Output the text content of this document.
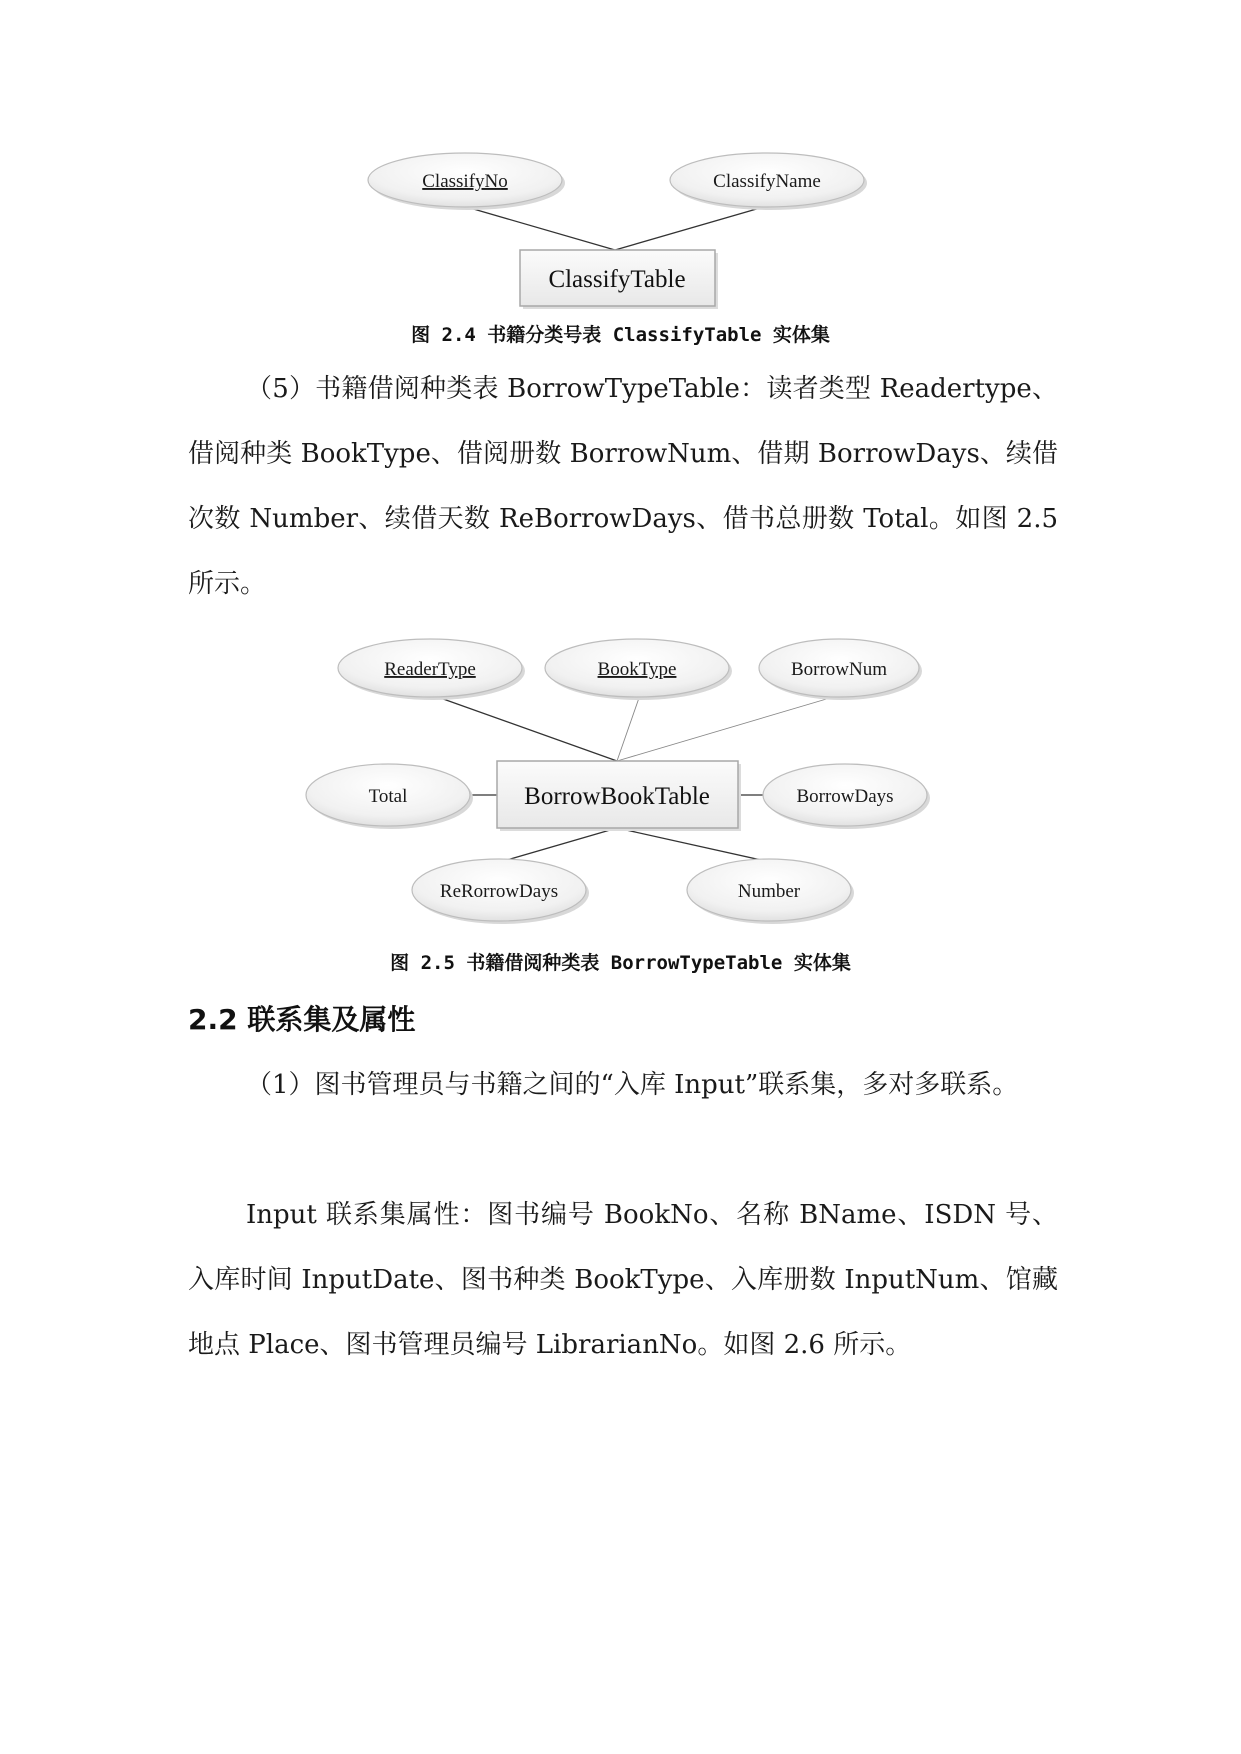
ClassifyNo	ClassifyName
ClassifyTable
图 2.4 书籍分类号表 ClassifyTable 实体集

（5）书籍借阅种类表 BorrowTypeTable：读者类型 Readertype、借阅种类 BookType、借阅册数 BorrowNum、借期 BorrowDays、续借次数 Number、续借天数 ReBorrowDays、借书总册数 Total。如图 2.5 所示。

ReaderType	BookType	BorrowNum
Total	BorrowDays
ReRorrowDays	Number
BorrowBookTable
图 2.5 书籍借阅种类表 BorrowTypeTable 实体集
2.2 联系集及属性

（1）图书管理员与书籍之间的“入库 Input”联系集，多对多联系。

Input 联系集属性：图书编号 BookNo、名称 BName、ISDN 号、入库时间 InputDate、图书种类 BookType、入库册数 InputNum、馆藏地点 Place、图书管理员编号 LibrarianNo。如图 2.6 所示。
